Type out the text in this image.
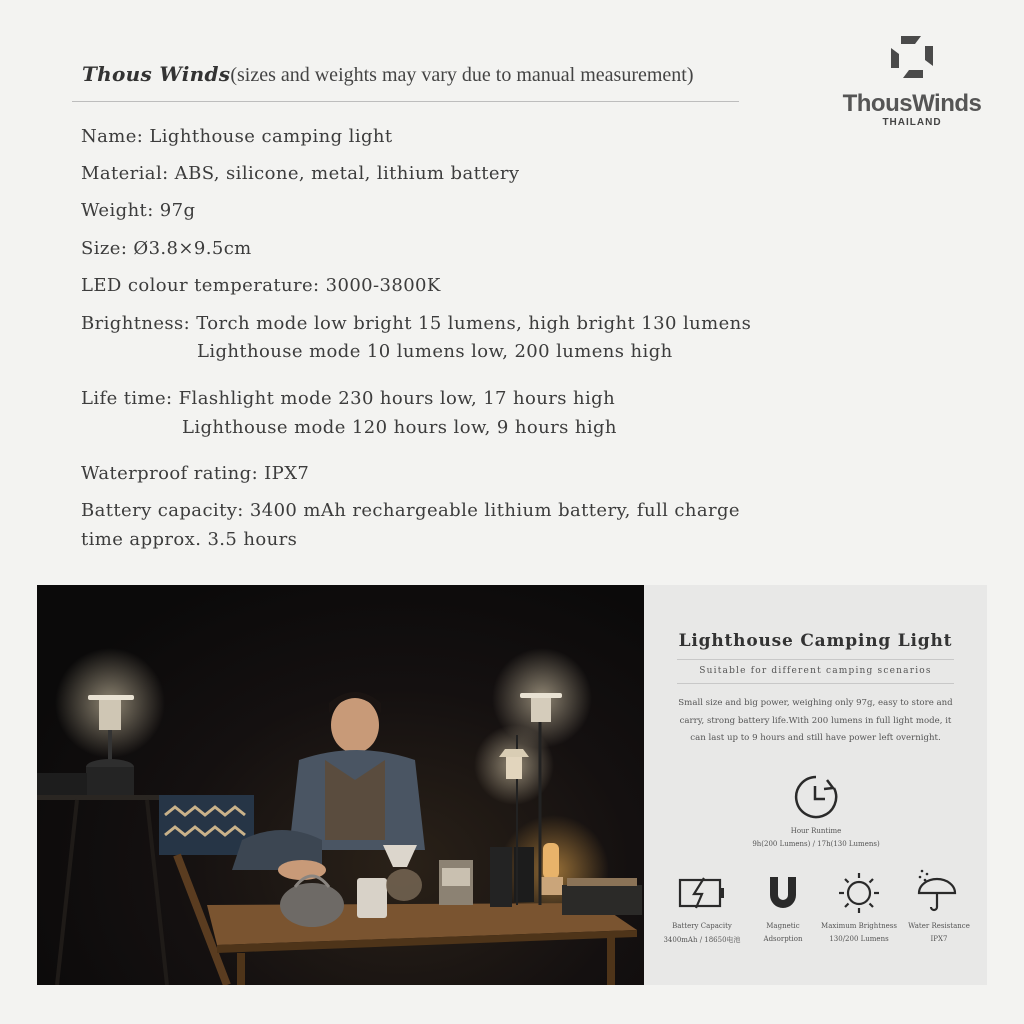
Thous Winds(sizes and weights may vary due to manual measurement)
ThousWinds
THAILAND
Name: Lighthouse camping light
Material: ABS, silicone, metal, lithium battery
Weight: 97g
Size: Ø3.8×9.5cm
LED colour temperature: 3000-3800K
Brightness: Torch mode low bright 15 lumens, high bright 130 lumens
Lighthouse mode 10 lumens low, 200 lumens high
Life time: Flashlight mode 230 hours low, 17 hours high
Lighthouse mode 120 hours low, 9 hours high
Waterproof rating: IPX7
Battery capacity: 3400 mAh rechargeable lithium battery, full charge
time approx. 3.5 hours
Lighthouse Camping Light
Suitable for different camping scenarios
Small size and big power, weighing only 97g, easy to store and
carry, strong battery life.With 200 lumens in full light mode, it
can last up to 9 hours and still have power left overnight.
Hour Runtime
9h(200 Lumens) / 17h(130 Lumens)
Battery Capacity
3400mAh / 18650电池
Magnetic
Adsorption
Maximum Brightness
130/200 Lumens
Water Resistance
IPX7
